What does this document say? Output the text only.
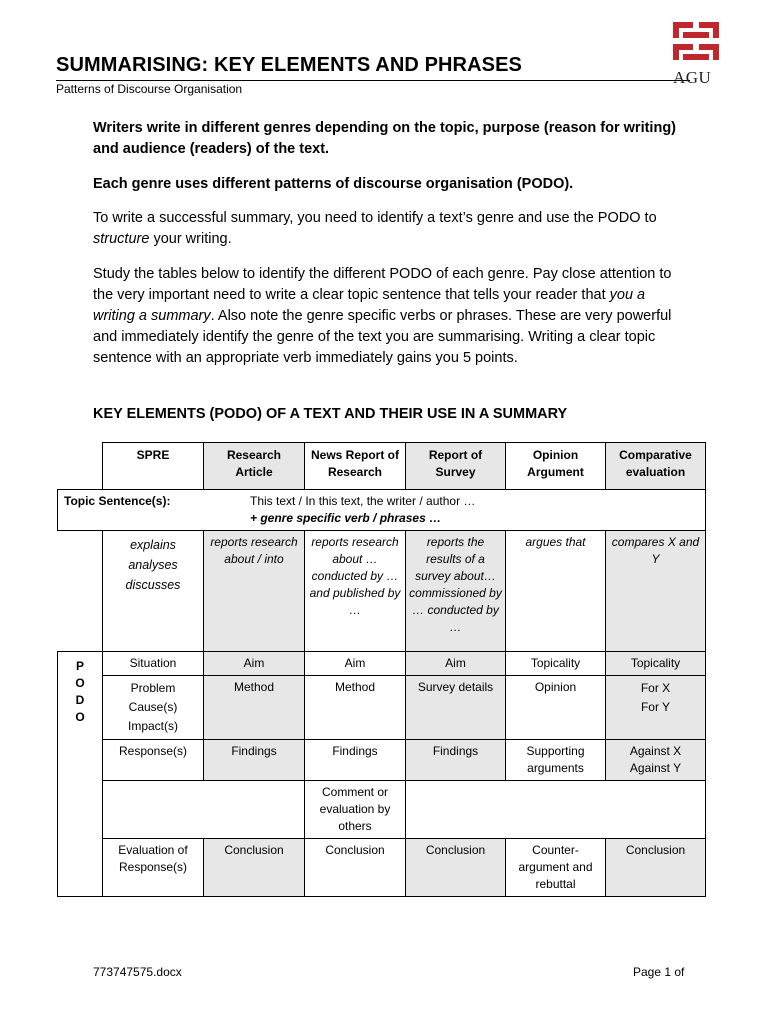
SUMMARISING: KEY ELEMENTS AND PHRASES
Patterns of Discourse Organisation
AGU
Writers write in different genres depending on the topic, purpose (reason for writing) and audience (readers) of the text.
Each genre uses different patterns of discourse organisation (PODO).
To write a successful summary, you need to identify a text’s genre and use the PODO to structure your writing.
Study the tables below to identify the different PODO of each genre. Pay close attention to the very important need to write a clear topic sentence that tells your reader that you a writing a summary. Also note the genre specific verbs or phrases. These are very powerful and immediately identify the genre of the text you are summarising. Writing a clear topic sentence with an appropriate verb immediately gains you 5 points.
KEY ELEMENTS (PODO) OF A TEXT AND THEIR USE IN A SUMMARY
	SPRE	Research Article	News Report of Research	Report of Survey	Opinion Argument	Comparative evaluation

Topic Sentence(s): This text / In this text, the writer / author …
+ genre specific verb / phrases …						

	explains
analyses
discusses	reports research about / into	reports research about … conducted by … and published by …	reports the results of a survey about… commissioned by … conducted by …	argues that	compares X and Y
P
O
D
O	Situation	Aim	Aim	Aim	Topicality	Topicality
	Problem
Cause(s)
Impact(s)	Method	Method	Survey details	Opinion	For X
For Y
	Response(s)	Findings	Findings	Findings	Supporting arguments	Against X
Against Y
			Comment or evaluation by others			
	Evaluation of Response(s)	Conclusion	Conclusion	Conclusion	Counter-argument and rebuttal	Conclusion
773747575.docx	Page 1 of
